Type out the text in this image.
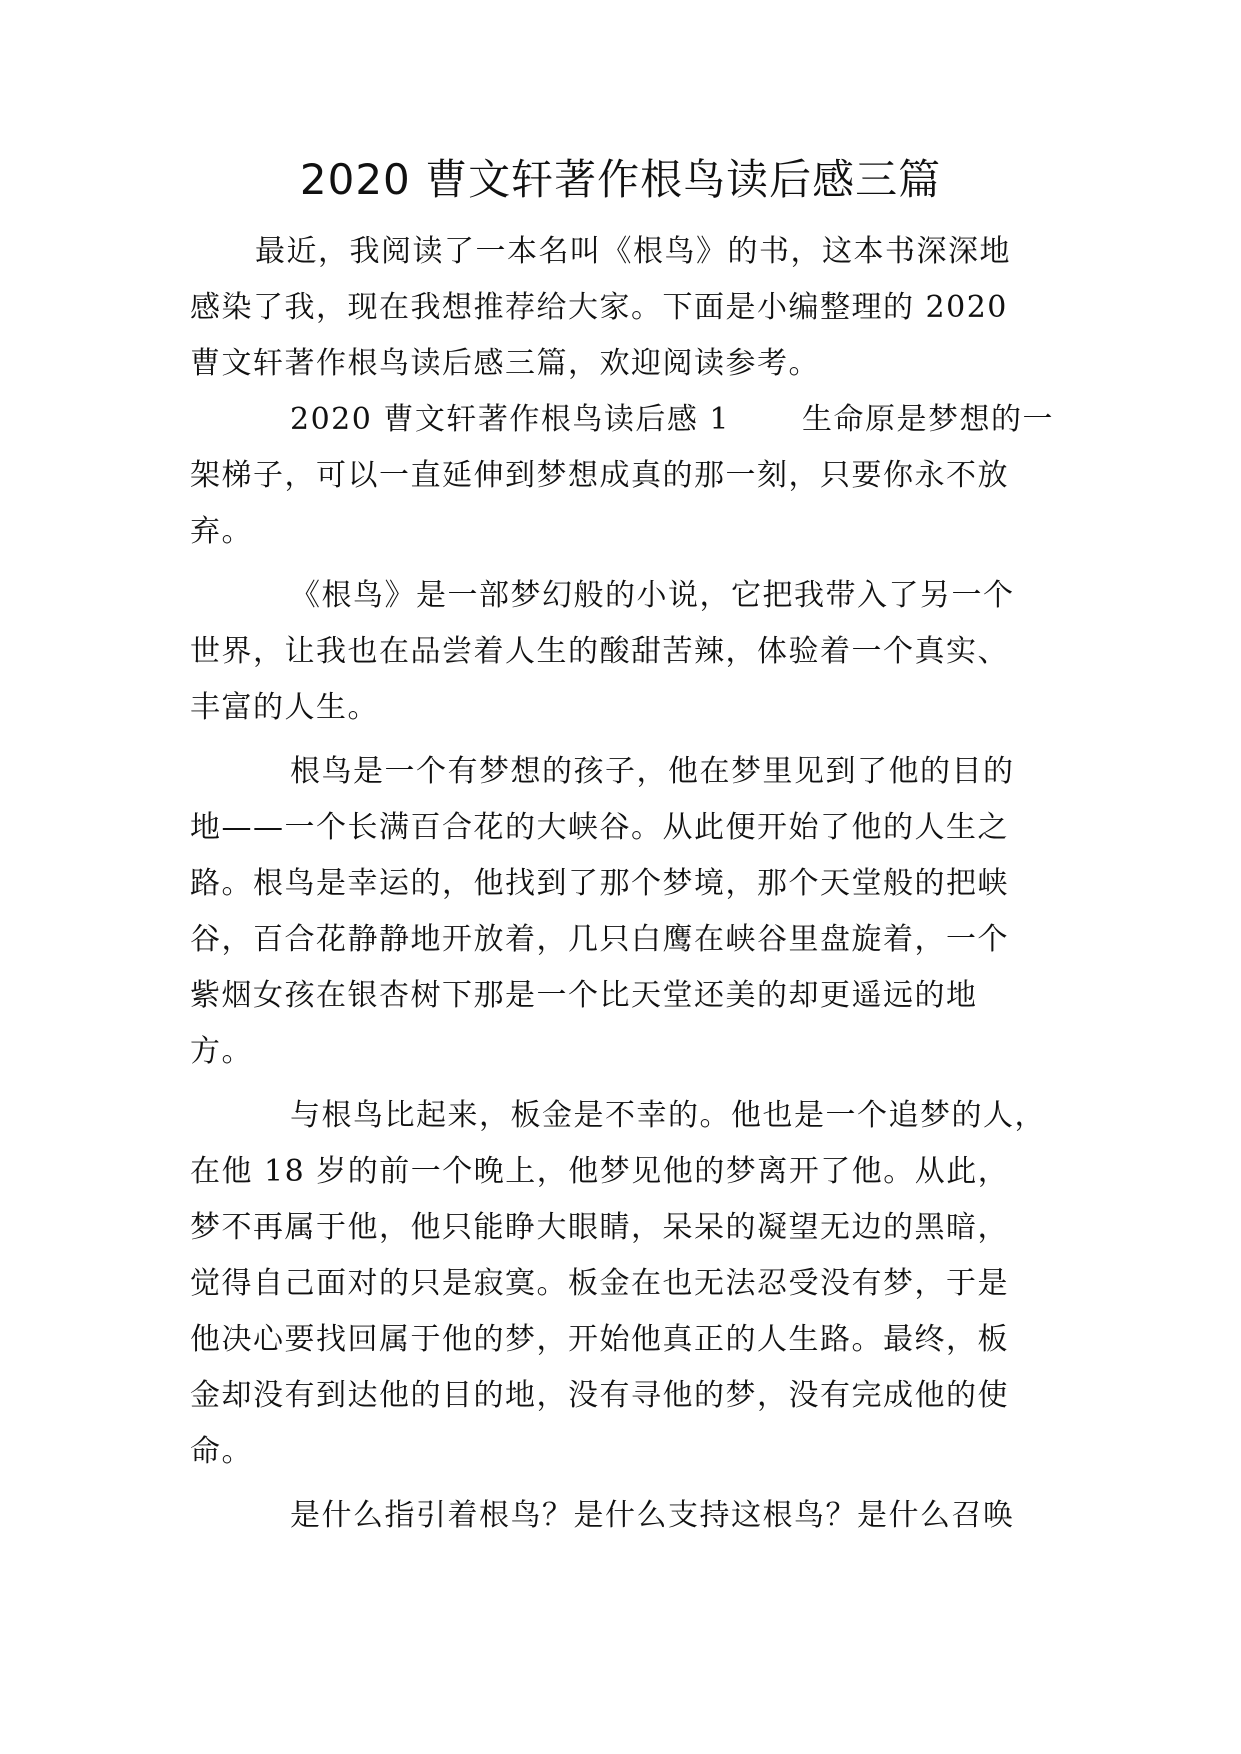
2020 曹文轩著作根鸟读后感三篇
最近，我阅读了一本名叫《根鸟》的书，这本书深深地
感染了我，现在我想推荐给大家。下面是小编整理的 2020
曹文轩著作根鸟读后感三篇，欢迎阅读参考。
2020 曹文轩著作根鸟读后感 1 生命原是梦想的一
架梯子，可以一直延伸到梦想成真的那一刻，只要你永不放
弃。
《根鸟》是一部梦幻般的小说，它把我带入了另一个
世界，让我也在品尝着人生的酸甜苦辣，体验着一个真实、
丰富的人生。
根鸟是一个有梦想的孩子，他在梦里见到了他的目的
地——一个长满百合花的大峡谷。从此便开始了他的人生之
路。根鸟是幸运的，他找到了那个梦境，那个天堂般的把峡
谷，百合花静静地开放着，几只白鹰在峡谷里盘旋着，一个
紫烟女孩在银杏树下那是一个比天堂还美的却更遥远的地
方。
与根鸟比起来，板金是不幸的。他也是一个追梦的人，
在他 18 岁的前一个晚上，他梦见他的梦离开了他。从此，
梦不再属于他，他只能睁大眼睛，呆呆的凝望无边的黑暗，
觉得自己面对的只是寂寞。板金在也无法忍受没有梦，于是
他决心要找回属于他的梦，开始他真正的人生路。最终，板
金却没有到达他的目的地，没有寻他的梦，没有完成他的使
命。
是什么指引着根鸟？是什么支持这根鸟？是什么召唤
